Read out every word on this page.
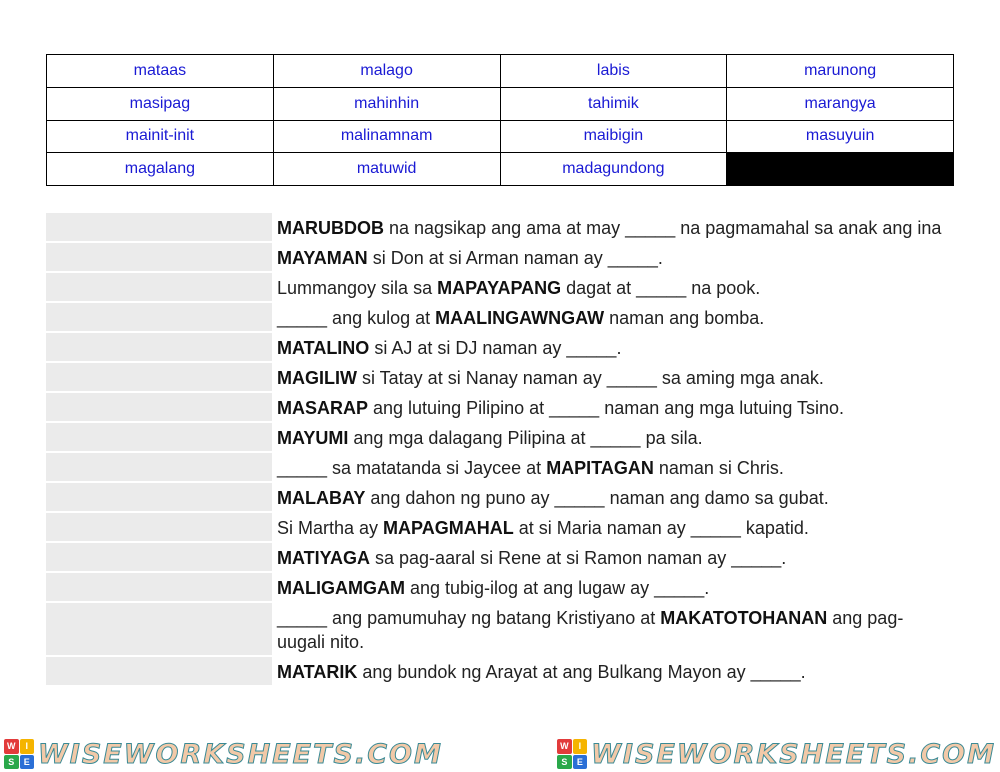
mataas	malago	labis	marunong
masipag	mahinhin	tahimik	marangya
mainit-init	malinamnam	maibigin	masuyuin
magalang	matuwid	madagundong	
MARUBDOB na nagsikap ang ama at may _____ na pagmamahal sa anak ang ina
MAYAMAN si Don at si Arman naman ay _____.
Lummangoy sila sa MAPAYAPANG dagat at _____ na pook.
_____ ang kulog at MAALINGAWNGAW naman ang bomba.
MATALINO si AJ at si DJ naman ay _____.
MAGILIW si Tatay at si Nanay naman ay _____ sa aming mga anak.
MASARAP ang lutuing Pilipino at _____ naman ang mga lutuing Tsino.
MAYUMI ang mga dalagang Pilipina at _____ pa sila.
_____ sa matatanda si Jaycee at MAPITAGAN naman si Chris.
MALABAY ang dahon ng puno ay _____ naman ang damo sa gubat.
Si Martha ay MAPAGMAHAL at si Maria naman ay _____ kapatid.
MATIYAGA sa pag-aaral si Rene at si Ramon naman ay _____.
MALIGAMGAM ang tubig-ilog at ang lugaw ay _____.
_____ ang pamumuhay ng batang Kristiyano at MAKATOTOHANAN ang pag-uugali nito.
MATARIK ang bundok ng Arayat at ang Bulkang Mayon ay _____.
W	I
S	E WISEWORKSHEETS.COM	W	I
S	E WISEWORKSHEETS.COM
